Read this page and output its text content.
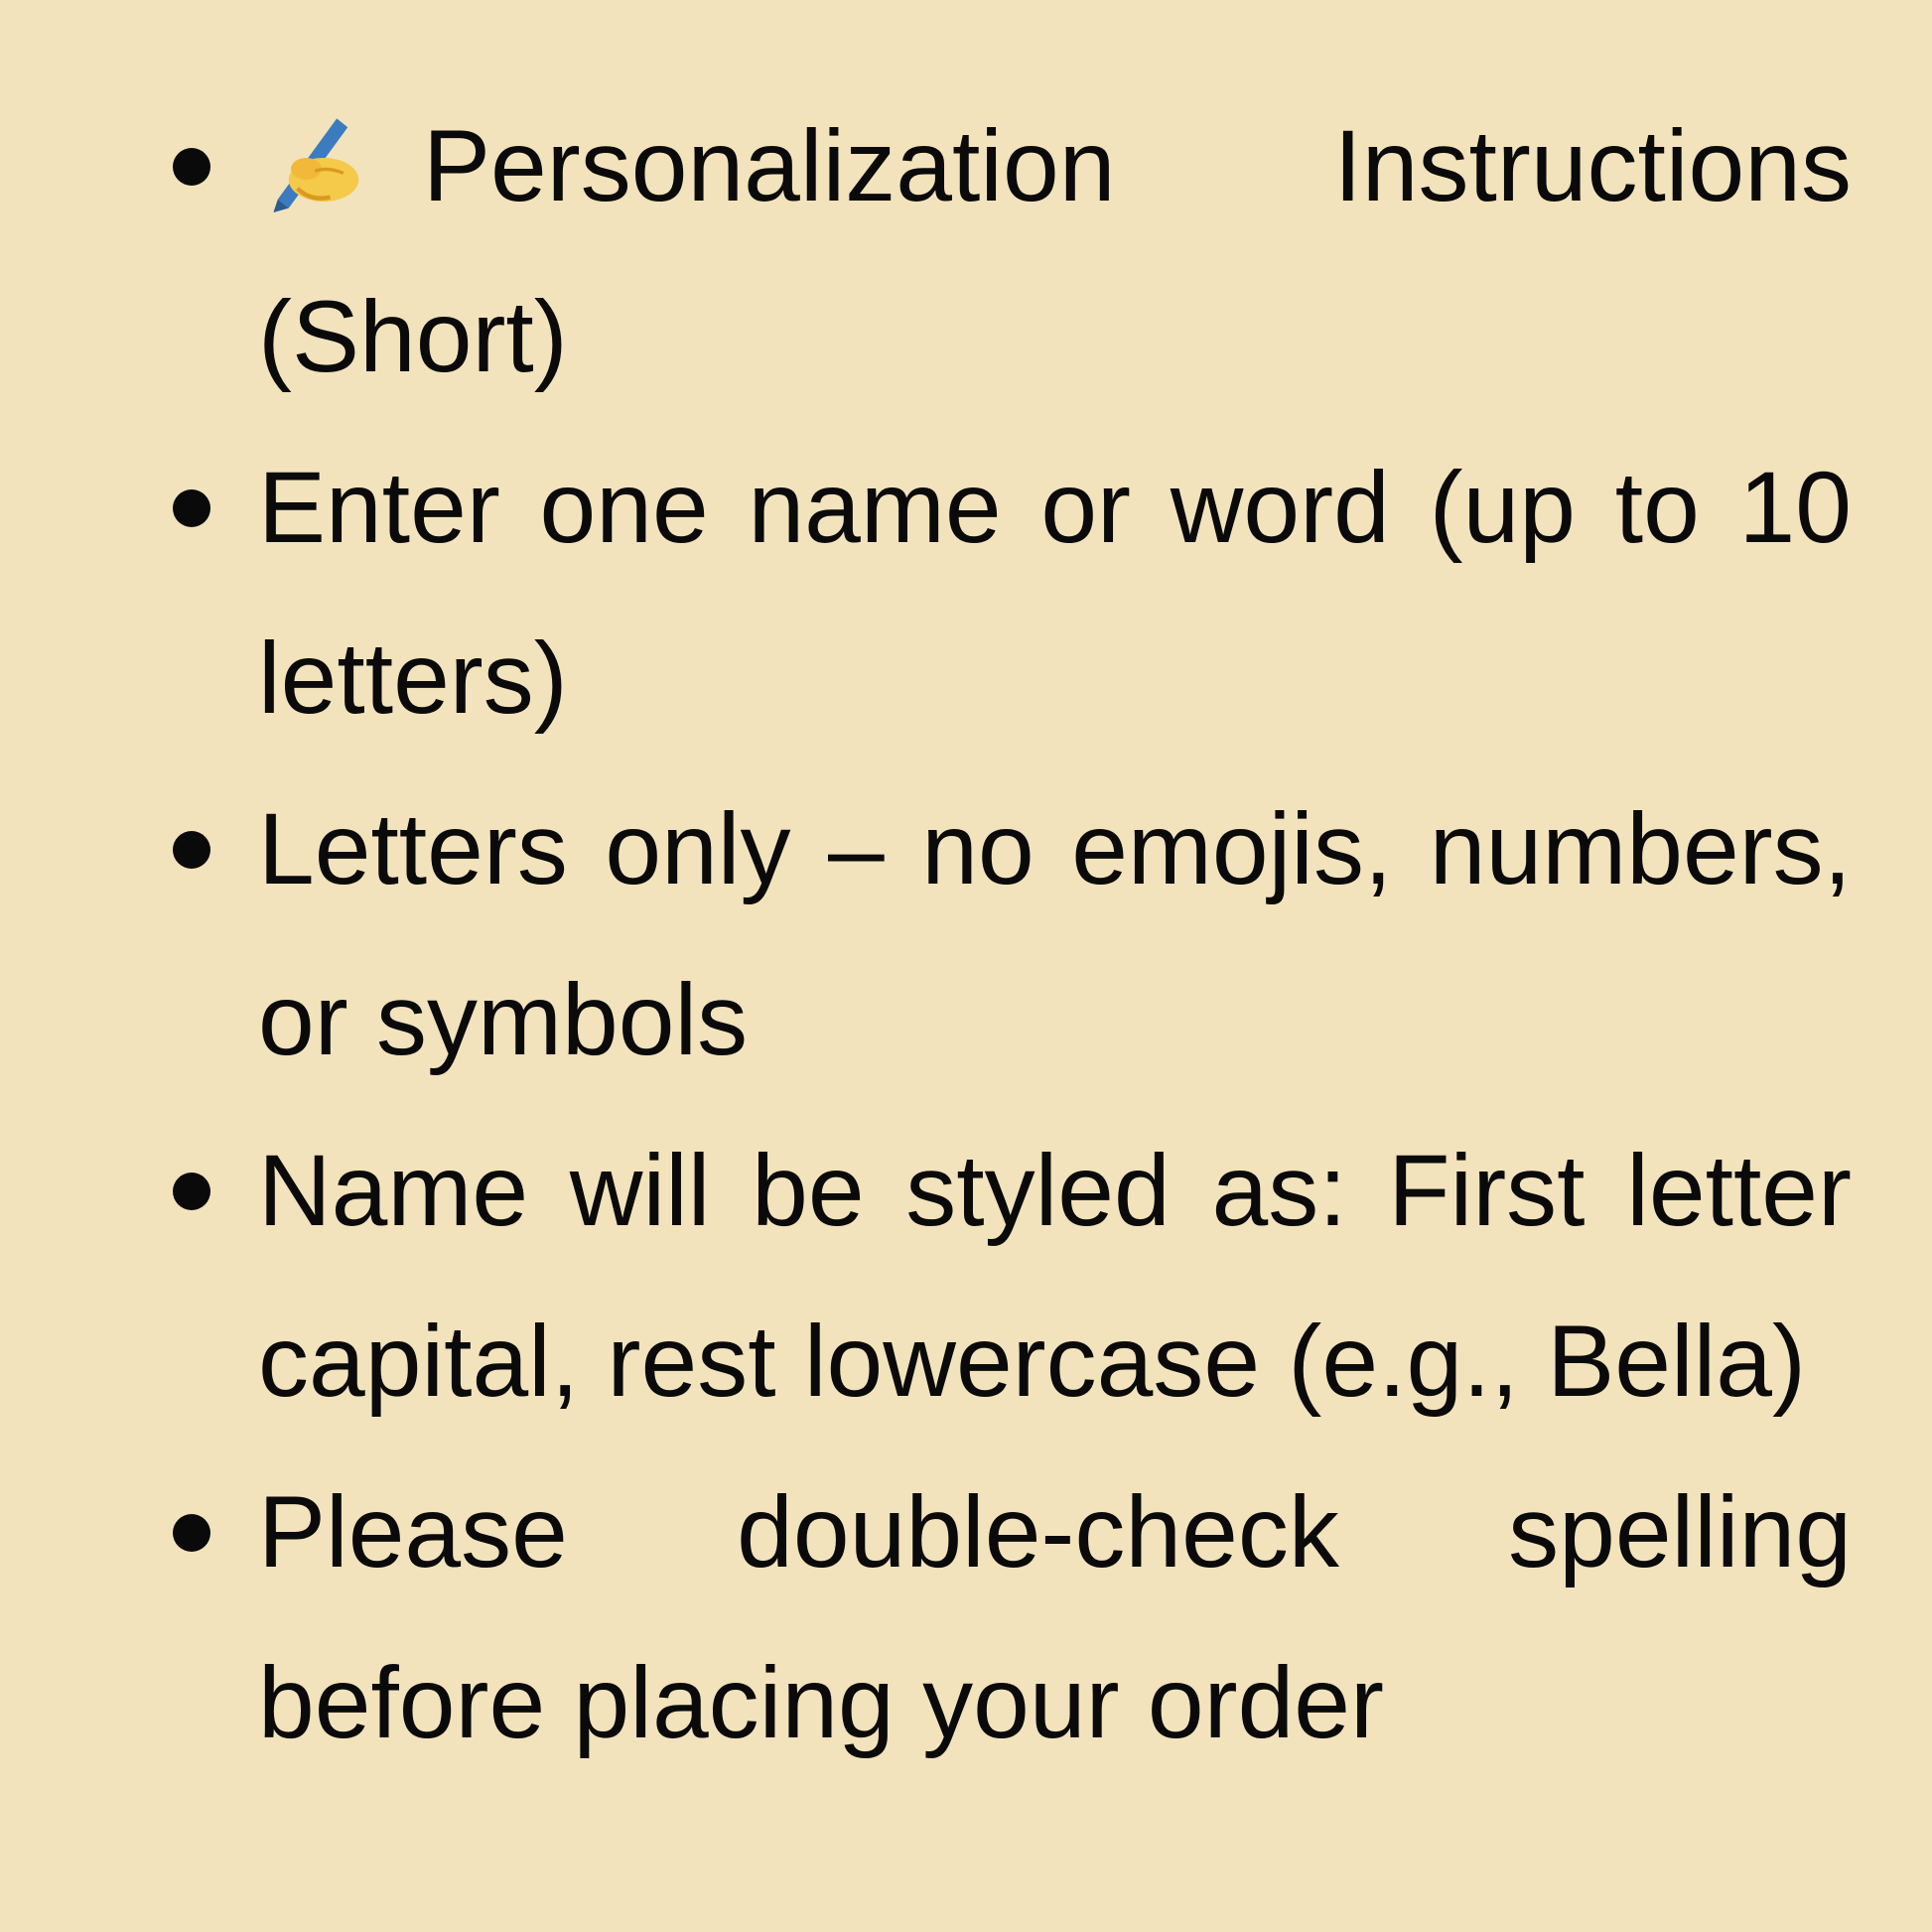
Personalization Instructions (Short)
Enter one name or word (up to 10 letters)
Letters only – no emojis, numbers, or symbols
Name will be styled as: First letter capital, rest lowercase (e.g., Bella)
Please double-check spelling before placing your order
